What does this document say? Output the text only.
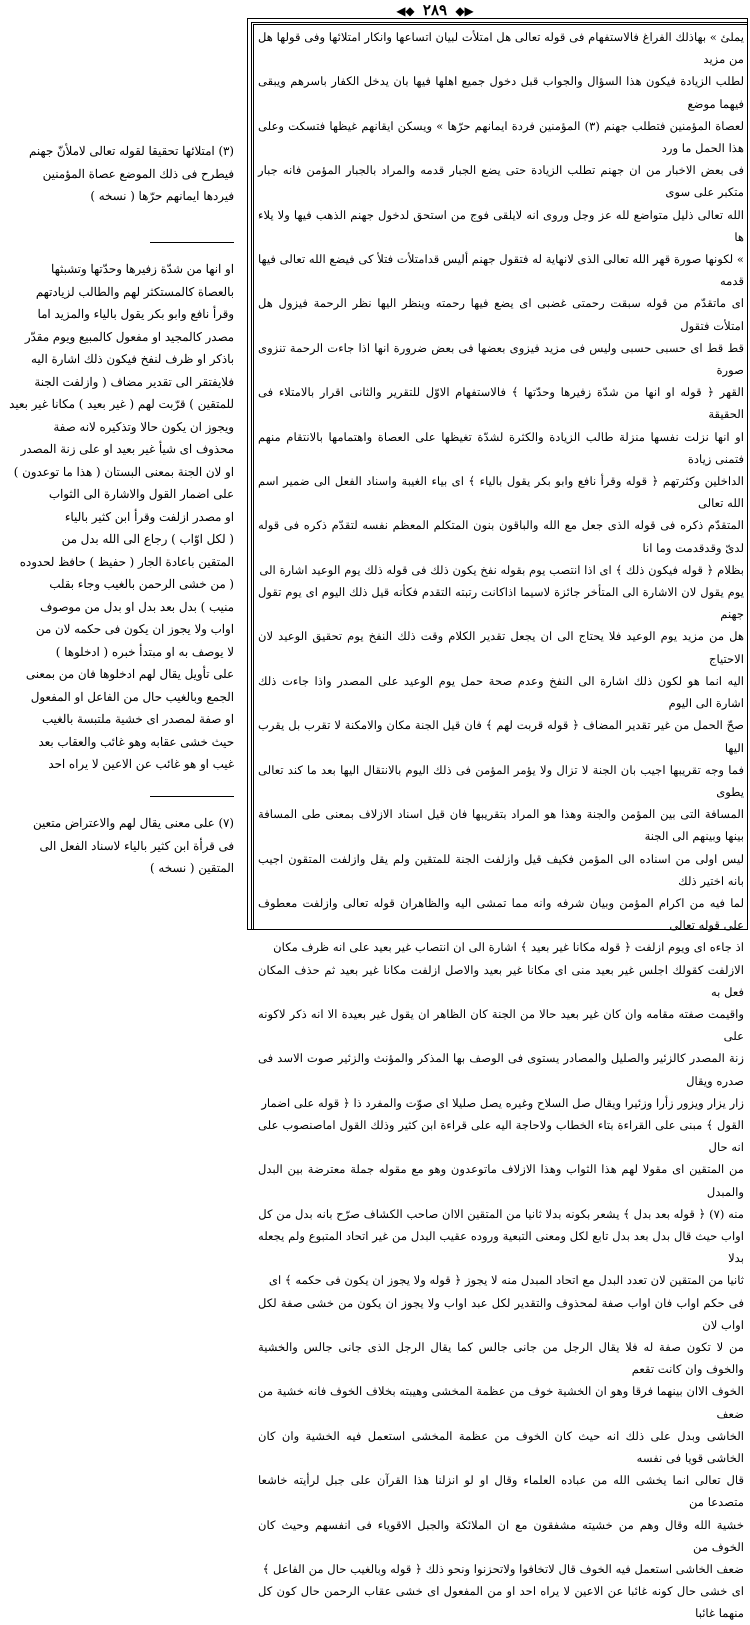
◀◆ ٢٨٩ ◆▶

يملئ » بهاذلك الفراغ فالاستفهام فى قوله تعالى هل امتلأت لبيان اتساعها وانكار امتلائها وفى قولها هل من مزيد

لطلب الزيادة فيكون هذا السؤال والجواب قبل دخول جميع اهلها فيها بان يدخل الكفار باسرهم ويبقى فيهما موضع

لعصاة المؤمنين فتطلب جهنم (٣) المؤمنين فردة ايمانهم حرّها » ويسكن ايقانهم غيظها فتسكت وعلى هذا الحمل ما ورد

فى بعض الاخبار من ان جهنم تطلب الزيادة حتى يضع الجبار قدمه والمراد بالجبار المؤمن فانه جبار متكبر على سوى

الله تعالى ذليل متواضع لله عز وجل وروى انه لايلقى فوج من استحق لدخول جهنم الذهب فيها ولا يلاء ها

» لكونها صورة قهر الله تعالى الذى لانهاية له فتقول جهنم أليس قدامتلأت فتلأ كى فيضع الله تعالى فيها قدمه

اى ماتقدّم من قوله سبقت رحمتى غضبى اى يضع فيها رحمته وينظر اليها نظر الرحمة فيزول هل امتلأت فتقول

قط قط اى حسبى حسبى وليس فى مزيد فيزوى بعضها فى بعض ضرورة انها اذا جاءت الرحمة تنزوى صورة

القهر ﴿ قوله او انها من شدّة زفيرها وحدّتها ﴾ فالاستفهام الاوّل للتقرير والثانى اقرار بالامتلاء فى الحقيقة

او انها نزلت نفسها منزلة طالب الزيادة والكثرة لشدّة تغيظها على العصاة واهتمامها بالانتقام منهم فتمنى زيادة

الداخلين وكثرتهم ﴿ قوله وقرأ نافع وابو بكر يقول بالياء ﴾ اى بياء الغيبة واسناد الفعل الى ضمير اسم الله تعالى

المتقدّم ذكره فى قوله الذى جعل مع الله والباقون بنون المتكلم المعظم نفسه لتقدّم ذكره فى قوله لدىّ وقدقدمت وما انا

بظلام ﴿ قوله فيكون ذلك ﴾ اى اذا انتصب يوم بقوله نفخ يكون ذلك فى قوله ذلك يوم الوعيد اشارة الى

يوم يقول لان الاشارة الى المتأخر جائزة لاسيما اذاكانت رتبته التقدم فكأنه قيل ذلك اليوم اى يوم تقول جهنم

هل من مزيد يوم الوعيد فلا يحتاج الى ان يجعل تقدير الكلام وقت ذلك النفخ يوم تحقيق الوعيد لان الاحتياج

اليه انما هو لكون ذلك اشارة الى النفخ وعدم صحة حمل يوم الوعيد على المصدر واذا جاءت ذلك اشارة الى اليوم

صحّ الحمل من غير تقدير المضاف ﴿ قوله قربت لهم ﴾ فان قيل الجنة مكان والامكنة لا تقرب بل يقرب اليها

فما وجه تقريبها اجيب بان الجنة لا تزال ولا يؤمر المؤمن فى ذلك اليوم بالانتقال اليها بعد ما كند تعالى يطوى

المسافة التى بين المؤمن والجنة وهذا هو المراد بتقريبها فان قيل اسناد الازلاف بمعنى طى المسافة بينها وبينهم الى الجنة

ليس اولى من اسناده الى المؤمن فكيف قيل وازلفت الجنة للمتقين ولم يقل وازلفت المتقون اجيب بانه اختير ذلك

لما فيه من اكرام المؤمن وبيان شرفه وانه مما تمشى اليه والظاهران قوله تعالى وازلفت معطوف على قوله تعالى

اذ جاءه اى ويوم ازلفت ﴿ قوله مكانا غير بعيد ﴾ اشارة الى ان انتصاب غير بعيد على انه ظرف مكان

الازلفت كقولك اجلس غير بعيد منى اى مكانا غير بعيد والاصل ازلفت مكانا غير بعيد ثم حذف المكان فعل به

واقيمت صفته مقامه وان كان غير بعيد حالا من الجنة كان الظاهر ان يقول غير بعيدة الا انه ذكر لاكونه على

زنة المصدر كالزئير والصليل والمصادر يستوى فى الوصف بها المذكر والمؤنث والزئير صوت الاسد فى صدره ويقال

زار يزار ويزور زأرا وزئيرا ويقال صل السلاح وغيره يصل صليلا اى صوّت والمفرد ذا ﴿ قوله على اضمار

القول ﴾ مبنى على القراءة بتاء الخطاب ولاحاجة اليه على قراءة ابن كثير وذلك القول اماصنصوب على انه حال

من المتقين اى مقولا لهم هذا الثواب وهذا الازلاف ماتوعدون وهو مع مقوله جملة معترضة بين البدل والمبدل

منه (٧) ﴿ قوله بعد بدل ﴾ يشعر بكونه بدلا ثانيا من المتقين الاان صاحب الكشاف صرّح بانه بدل من كل

اواب حيث قال بدل بعد بدل تابع لكل ومعنى التبعية وروده عقيب البدل من غير اتحاد المتبوع ولم يجعله بدلا

ثانيا من المتقين لان تعدد البدل مع اتحاد المبدل منه لا يجوز ﴿ قوله ولا يجوز ان يكون فى حكمه ﴾ اى

فى حكم اواب فان اواب صفة لمحذوف والتقدير لكل عبد اواب ولا يجوز ان يكون من خشى صفة لكل اواب لان

من لا تكون صفة له فلا يقال الرجل من جانى جالس كما يقال الرجل الذى جانى جالس والخشية والخوف وان كانت تقعم

الخوف الاان بينهما فرقا وهو ان الخشية خوف من عظمة المخشى وهيبته بخلاف الخوف فانه خشية من ضعف

الخاشى وبدل على ذلك انه حيث كان الخوف من عظمة المخشى استعمل فيه الخشية وان كان الخاشى قويا فى نفسه

قال تعالى انما يخشى الله من عباده العلماء وقال او لو انزلنا هذا القرآن على جبل لرأيته خاشعا متصدعا من

خشية الله وقال وهم من خشيته مشفقون مع ان الملائكة والجبل الاقوياء فى انفسهم وحيث كان الخوف من

ضعف الخاشى استعمل فيه الخوف قال لاتخافوا ولاتحزنوا ونحو ذلك ﴿ قوله وبالغيب حال من الفاعل ﴾

اى خشى حال كونه غائبا عن الاعين لا يراه احد او من المفعول اى خشى عقاب الرحمن حال كون كل منهما غائبا

(٣) امتلائها تحقيقا لقوله تعالى لاملأنّ جهنم

فيطرح فى ذلك الموضع عصاة المؤمنين

فيردها ايمانهم حرّها ( نسخه )

او انها من شدّة زفيرها وحدّتها وتشبثها

بالعصاة كالمستكثر لهم والطالب لزيادتهم

وقرأ نافع وابو بكر يقول بالياء والمزيد اما

مصدر كالمجيد او مفعول كالمبيع ويوم مقدّر

باذكر او ظرف لنفخ فيكون ذلك اشارة اليه

فلايفتقر الى تقدير مضاف ( وازلفت الجنة

للمتقين ) قرّبت لهم ( غير بعيد ) مكانا غير بعيد

ويجوز ان يكون حالا وتذكيره لانه صفة

محذوف اى شيأ غير بعيد او على زنة المصدر

او لان الجنة بمعنى البستان ( هذا ما توعدون )

على اضمار القول والاشارة الى الثواب

او مصدر ازلفت وقرأ ابن كثير بالياء

( لكل اوّاب ) رجاع الى الله بدل من

المتقين باعادة الجار ( حفيظ ) حافظ لحدوده

( من خشى الرحمن بالغيب وجاء بقلب

منيب ) بدل بعد بدل او بدل من موصوف

اواب ولا يجوز ان يكون فى حكمه لان من

لا يوصف به او مبتدأ خبره ( ادخلوها )

على تأويل يقال لهم ادخلوها فان من بمعنى

الجمع وبالغيب حال من الفاعل او المفعول

او صفة لمصدر اى خشية ملتبسة بالغيب

حيث خشى عقابه وهو غائب والعقاب بعد

غيب او هو غائب عن الاعين لا يراه احد

(٧) على معنى يقال لهم والاعتراض متعين

فى قرأة ابن كثير بالياء لاسناد الفعل الى

المتقين ( نسخه )
